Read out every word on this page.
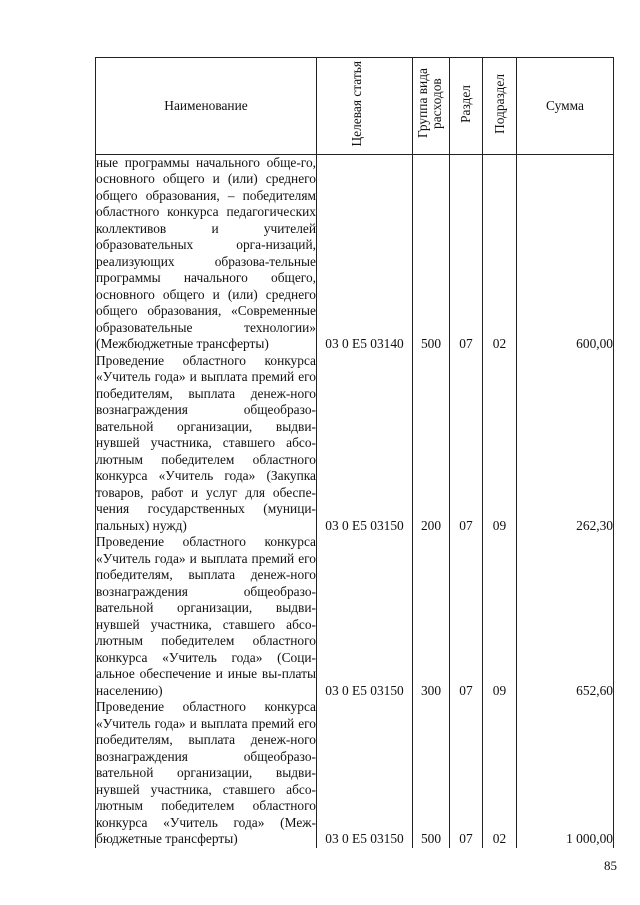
Наименование	Целевая статья	Группа вида расходов	Раздел	Подраздел	Сумма

ные программы начального обще-го, основного общего и (или) среднего общего образования, – победителям областного конкурса педагогических коллективов и учителей образовательных орга-низаций, реализующих образова-тельные программы начального общего, основного общего и (или) среднего общего образования, «Современные образовательные технологии» (Межбюджетные трансферты)	03 0 E5 03140	500	07	02	600,00

Проведение областного конкурса «Учитель года» и выплата премий его победителям, выплата денеж-ного вознаграждения общеобразо-вательной организации, выдви-нувшей участника, ставшего абсо-лютным победителем областного конкурса «Учитель года» (Закупка товаров, работ и услуг для обеспе-чения государственных (муници-пальных) нужд)	03 0 E5 03150	200	07	09	262,30

Проведение областного конкурса «Учитель года» и выплата премий его победителям, выплата денеж-ного вознаграждения общеобразо-вательной организации, выдви-нувшей участника, ставшего абсо-лютным победителем областного конкурса «Учитель года» (Соци-альное обеспечение и иные вы-платы населению)	03 0 E5 03150	300	07	09	652,60

Проведение областного конкурса «Учитель года» и выплата премий его победителям, выплата денеж-ного вознаграждения общеобразо-вательной организации, выдви-нувшей участника, ставшего абсо-лютным победителем областного конкурса «Учитель года» (Меж-бюджетные трансферты)	03 0 E5 03150	500	07	02	1 000,00
85
